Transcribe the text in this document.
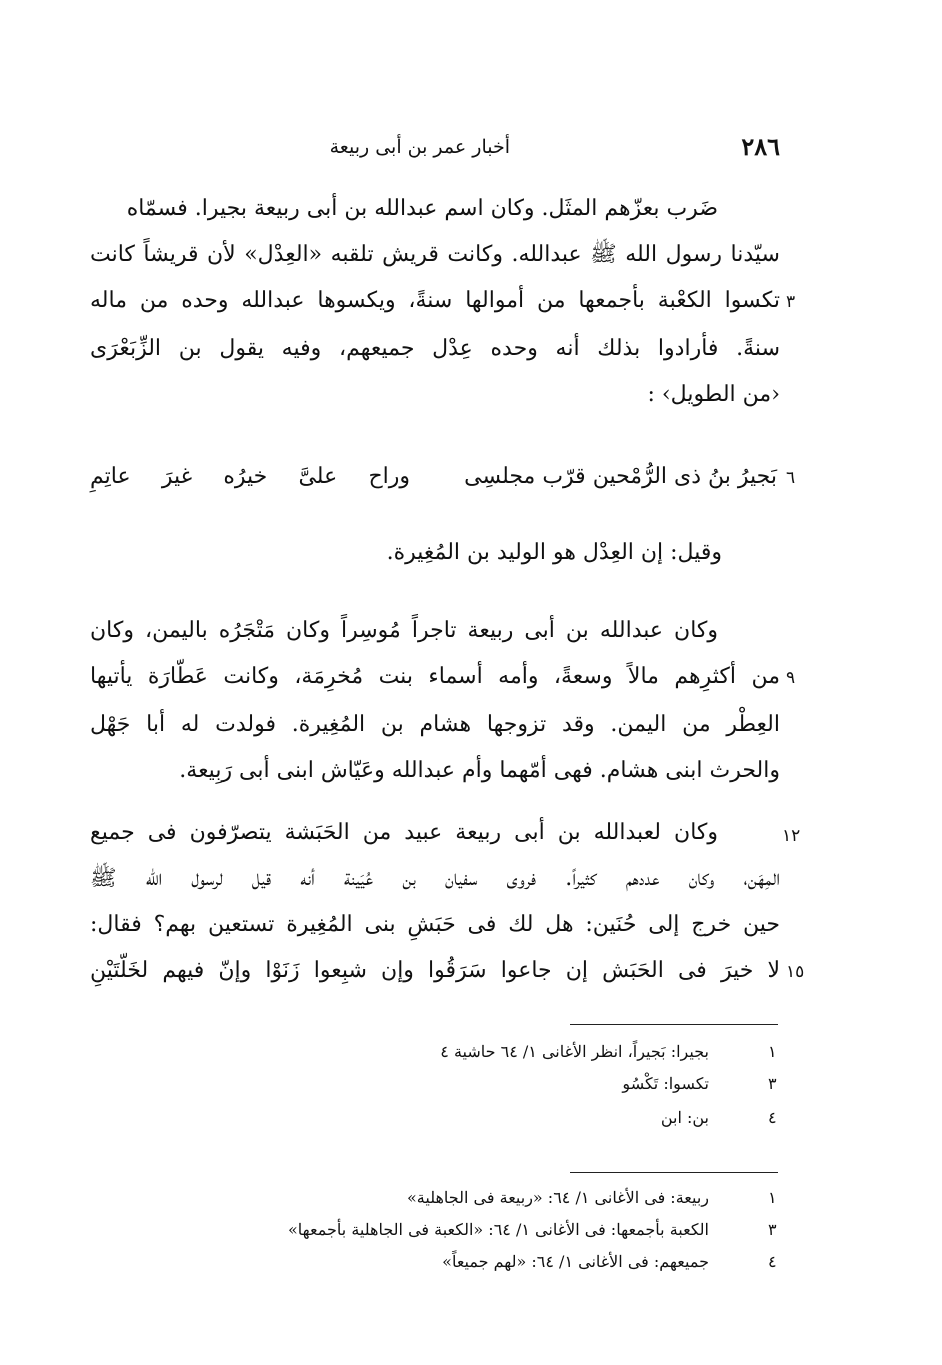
٢٨٦
أخبار عمر بن أبى ربيعة
ضَرب بعزّهم المثَل. وكان اسم عبدالله بن أبى ربيعة بجيرا. فسمّاه
سيّدنا رسول الله ﷺ عبدالله. وكانت قريش تلقبه «العِدْل» لأن قريشاً كانت
تكسوا الكعْبة بأجمعها من أموالها سنةً، ويكسوها عبدالله وحده من ماله ٣
سنةً. فأرادوا بذلك أنه وحده عِدْل جميعهم، وفيه يقول بن الزِّبَعْرَى
‹من الطويل› :
٦
بَجيرُ بنُ ذى الرُّمْحين قرّب مجلسِى
وراح علىَّ خيرُه غيرَ عاتِمِ
وقيل: إن العِدْل هو الوليد بن المُغِيرة.
وكان عبدالله بن أبى ربيعة تاجراً مُوسِراً وكان مَتْجَرُه باليمن، وكان
من أكثرِهم مالاً وسعةً، وأمه أسماء بنت مُخرِمَة، وكانت عَطّارَة يأتيها ٩
العِطْر من اليمن. وقد تزوجها هشام بن المُغِيرة. فولدت له أبا جَهْل
والحرث ابنى هشام. فهى أمّهما وأم عبدالله وعَيّاش ابنى أبى رَبِيعة.
١٢
وكان لعبدالله بن أبى ربيعة عبيد من الحَبَشة يتصرّفون فى جميع
المِهَن، وكان عددهم كثيراً. فروى سفيان بن عُيَينة أنه قيل لرسول الله ﷺ
حين خرج إلى حُنَين: هل لك فى حَبَشِ بنى المُغِيرة تستعين بهم؟ فقال:
لا خيرَ فى الحَبَش إن جاعوا سَرَقُوا وإن شبِعوا زَنَوْا وإنّ فيهم لخَلّتَيْنِ ١٥
١
بجيرا: بَجيراً، انظر الأغانى ١/ ٦٤ حاشية ٤
٣
تكسوا: تَكْسُو
٤
بن: ابن
١
ربيعة: فى الأغانى ١/ ٦٤: «ربيعة فى الجاهلية»
٣
الكعبة بأجمعها: فى الأغانى ١/ ٦٤: «الكعبة فى الجاهلية بأجمعها»
٤
جميعهم: فى الأغانى ١/ ٦٤: «لهم جميعاً»
